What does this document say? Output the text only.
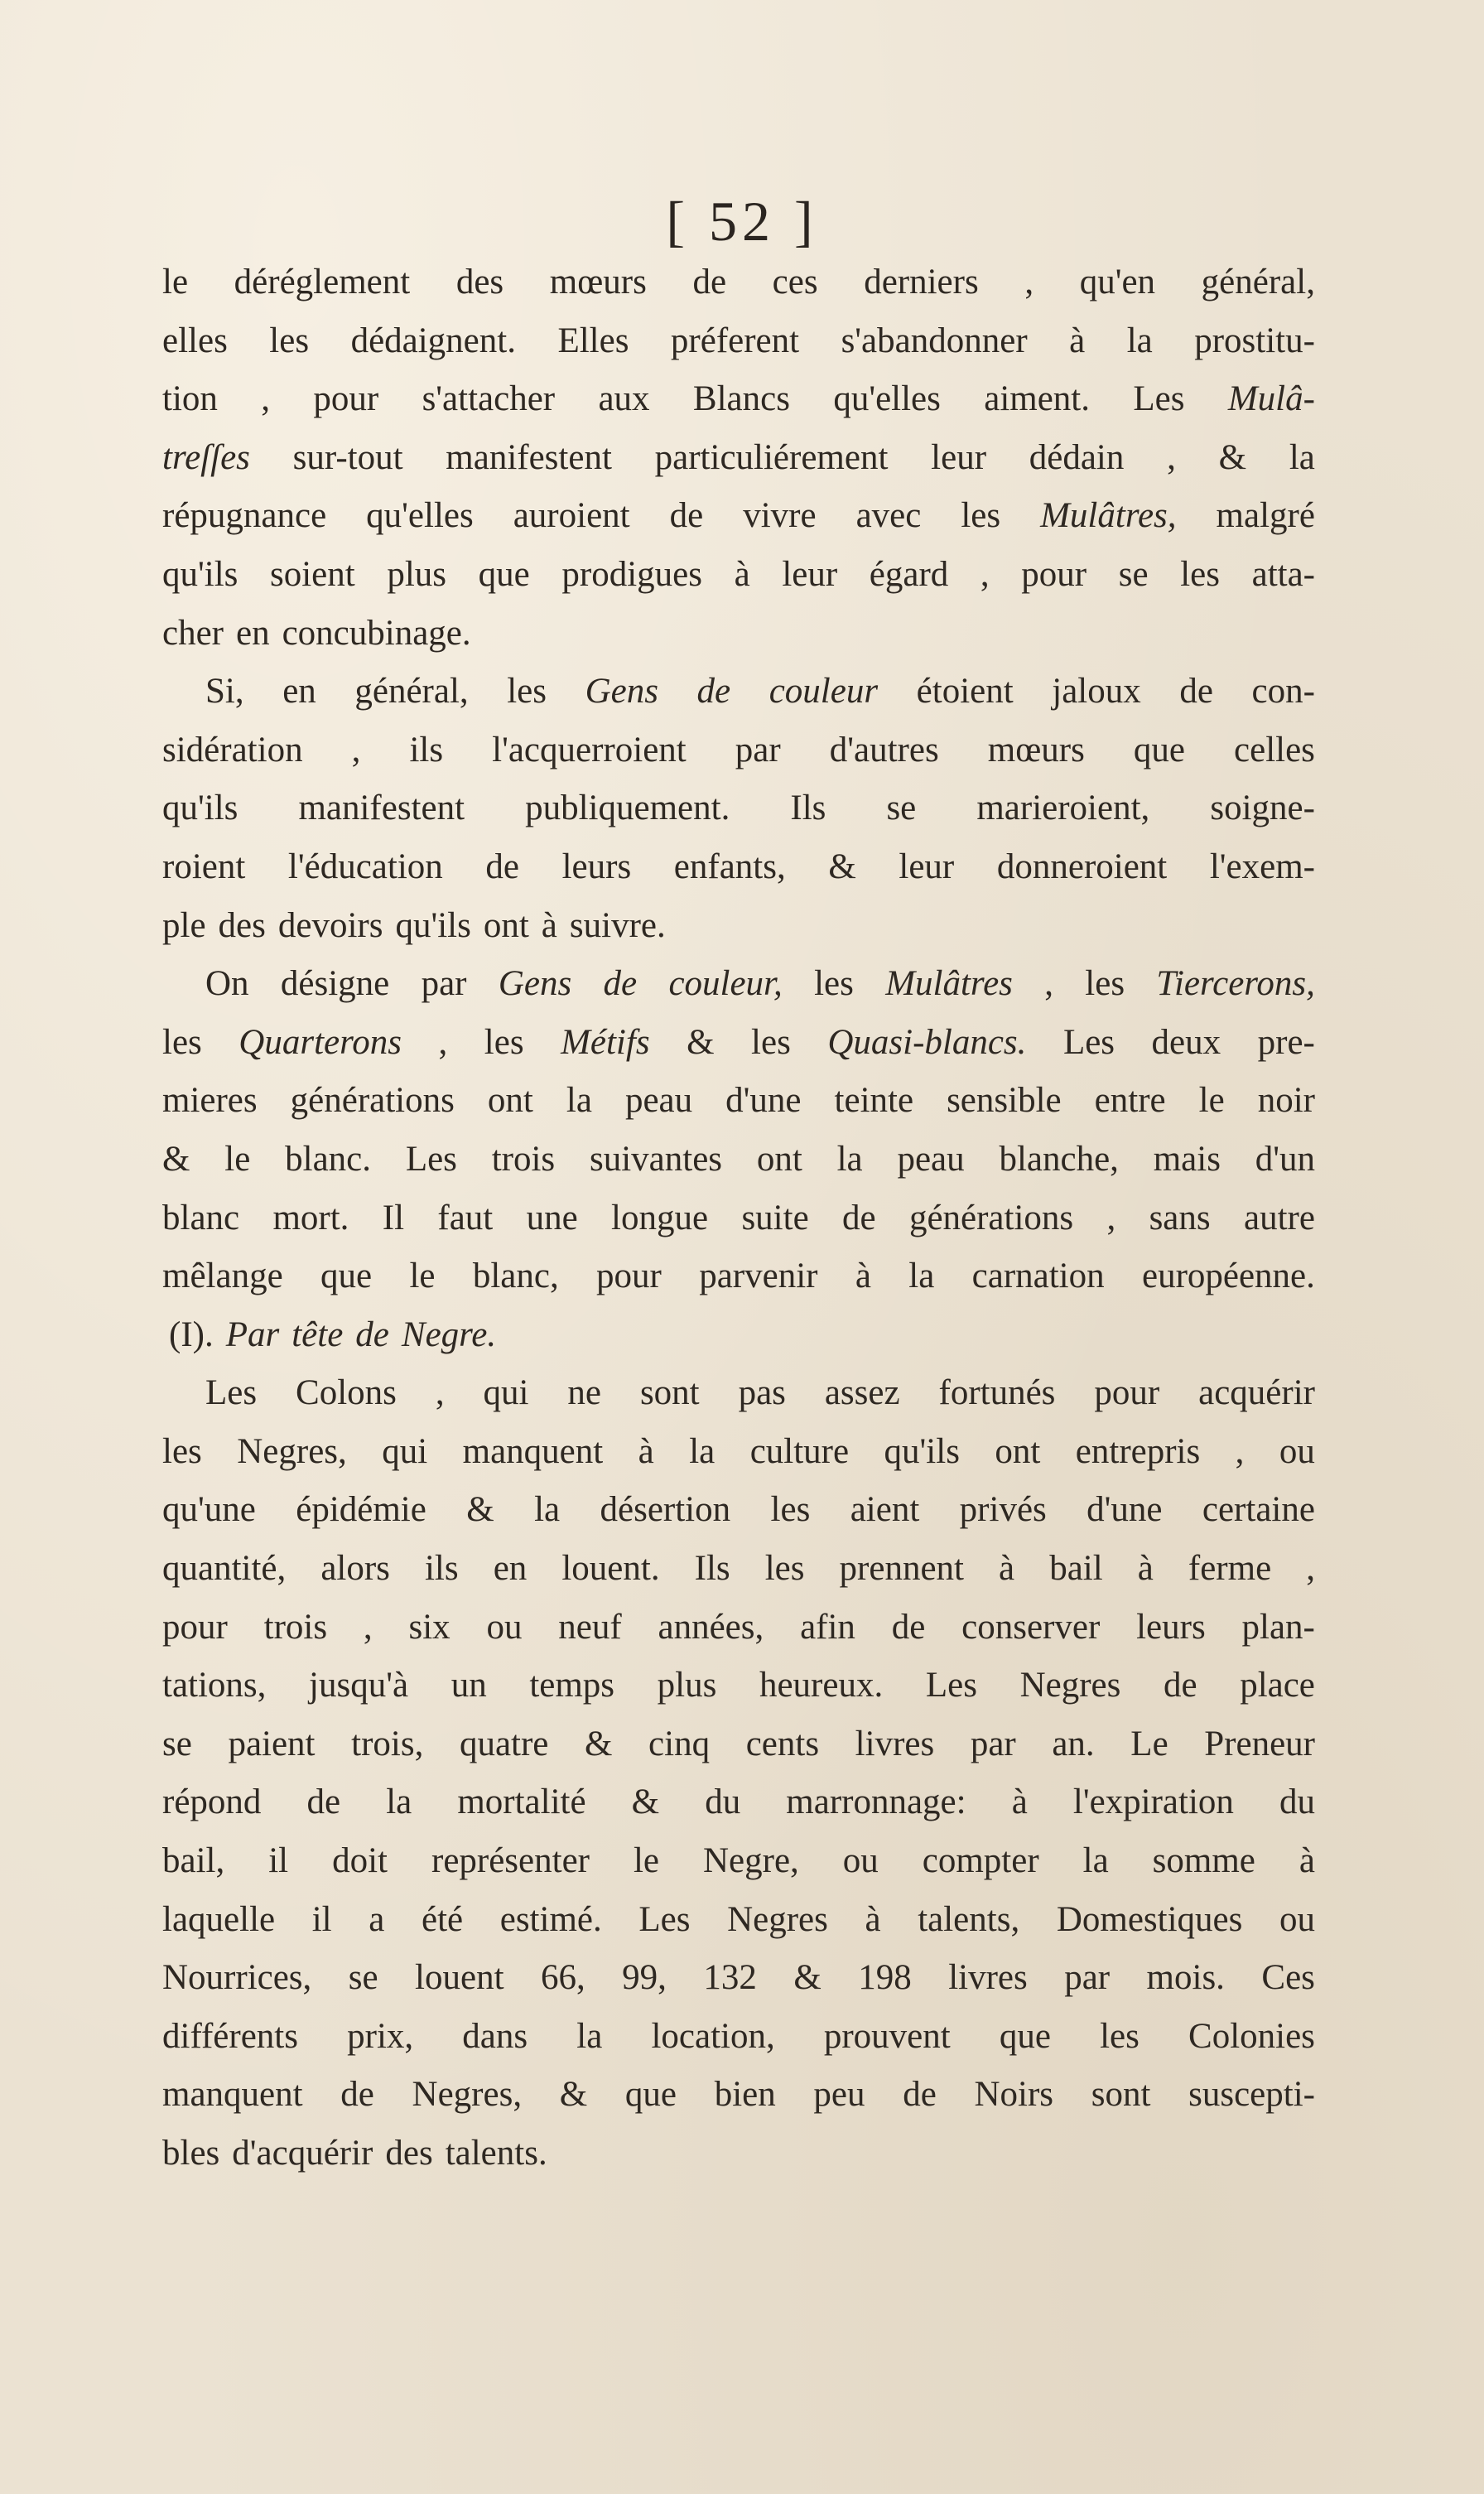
[ 52 ]
le déréglement des mœurs de ces derniers , qu'en général,
elles les dédaignent. Elles préferent s'abandonner à la prostitu-
tion , pour s'attacher aux Blancs qu'elles aiment. Les Mulâ-
treſſes sur-tout manifestent particuliérement leur dédain , & la
répugnance qu'elles auroient de vivre avec les Mulâtres, malgré
qu'ils soient plus que prodigues à leur égard , pour se les atta-
cher en concubinage.
Si, en général, les Gens de couleur étoient jaloux de con-
sidération , ils l'acquerroient par d'autres mœurs que celles
qu'ils manifestent publiquement. Ils se marieroient, soigne-
roient l'éducation de leurs enfants, & leur donneroient l'exem-
ple des devoirs qu'ils ont à suivre.
On désigne par Gens de couleur, les Mulâtres , les Tiercerons,
les Quarterons , les Métifs & les Quasi-blancs. Les deux pre-
mieres générations ont la peau d'une teinte sensible entre le noir
& le blanc. Les trois suivantes ont la peau blanche, mais d'un
blanc mort. Il faut une longue suite de générations , sans autre
mêlange que le blanc, pour parvenir à la carnation européenne.
(I). Par tête de Negre.
Les Colons , qui ne sont pas assez fortunés pour acquérir
les Negres, qui manquent à la culture qu'ils ont entrepris , ou
qu'une épidémie & la désertion les aient privés d'une certaine
quantité, alors ils en louent. Ils les prennent à bail à ferme ,
pour trois , six ou neuf années, afin de conserver leurs plan-
tations, jusqu'à un temps plus heureux. Les Negres de place
se paient trois, quatre & cinq cents livres par an. Le Preneur
répond de la mortalité & du marronnage: à l'expiration du
bail, il doit représenter le Negre, ou compter la somme à
laquelle il a été estimé. Les Negres à talents, Domestiques ou
Nourrices, se louent 66, 99, 132 & 198 livres par mois. Ces
différents prix, dans la location, prouvent que les Colonies
manquent de Negres, & que bien peu de Noirs sont suscepti-
bles d'acquérir des talents.
